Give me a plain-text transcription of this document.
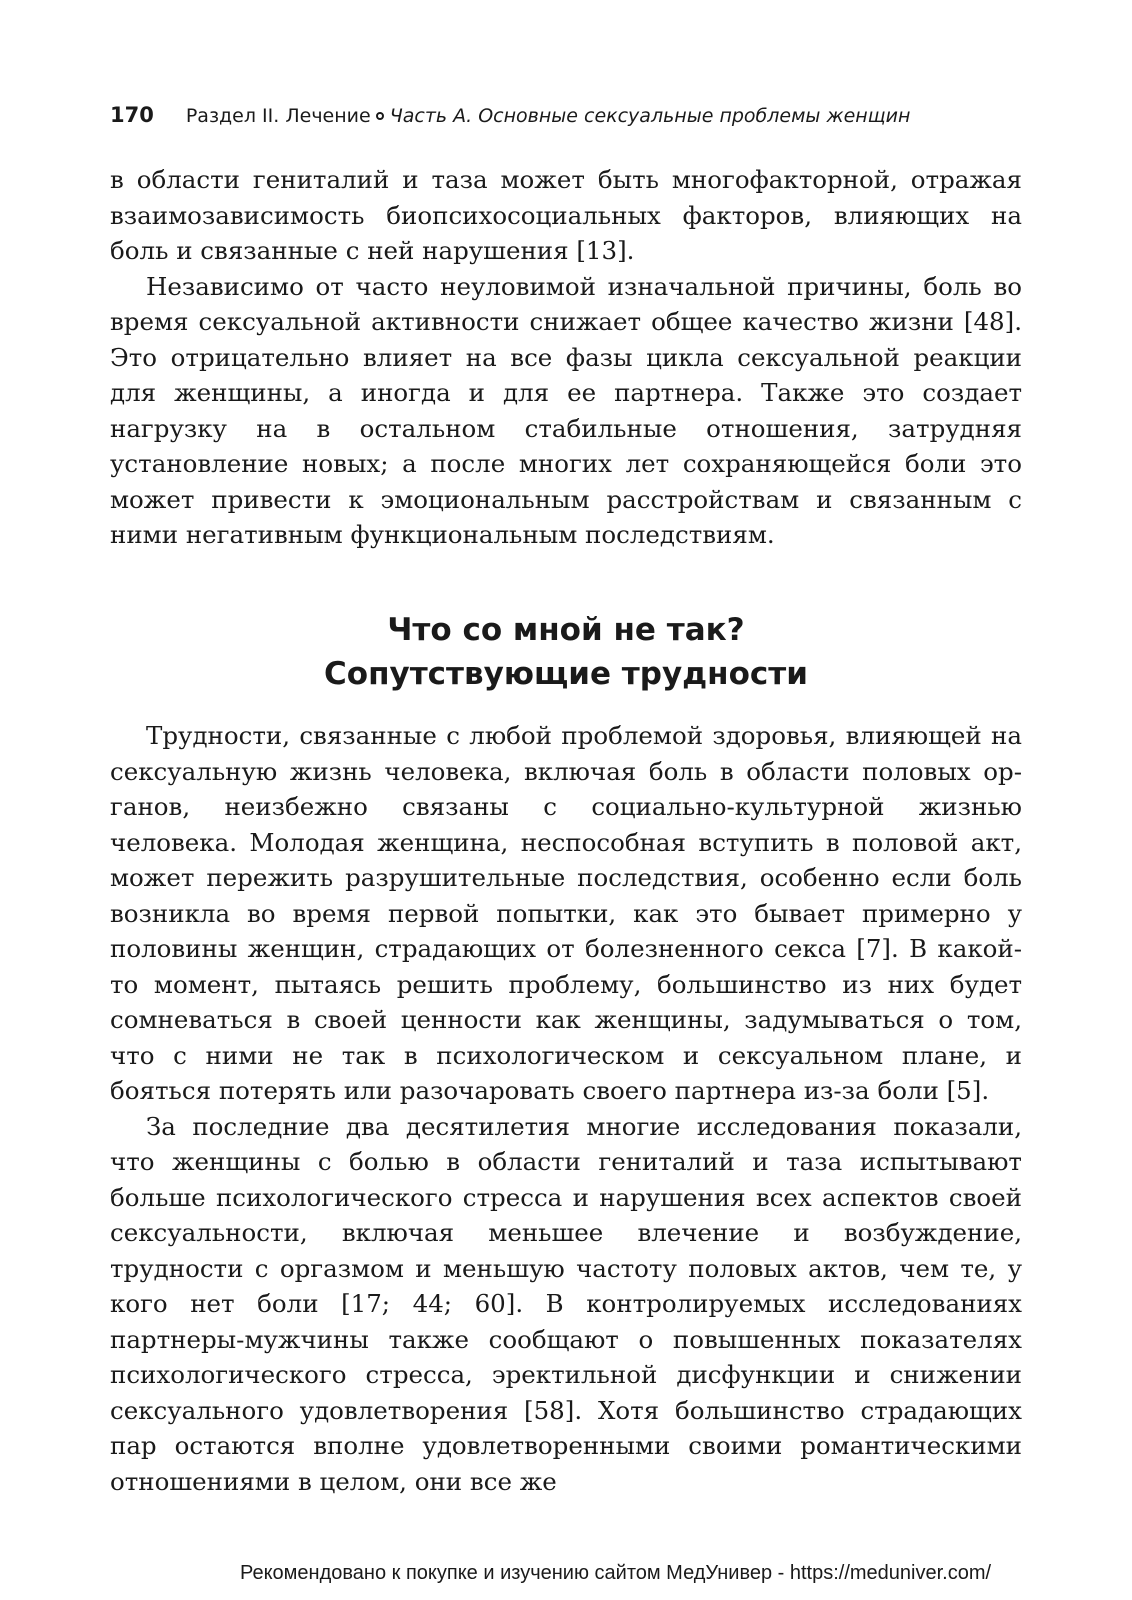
170 Раздел II. Лечение Часть А. Основные сексуальные проблемы женщин

в области гениталий и таза может быть многофакторной, отражая взаимозависимость биопсихосоциальных факторов, влияющих на боль и связанные с ней нарушения [13].

Независимо от часто неуловимой изначальной причины, боль во время сексуальной активности снижает общее качество жизни [48]. Это отрицательно влияет на все фазы цикла сексуальной реакции для женщины, а иногда и для ее партнера. Также это создает нагрузку на в остальном стабильные отношения, затрудняя установление новых; а после многих лет сохраняющейся боли это может привести к эмоциональным расстройствам и связанным с ними негативным функциональным последствиям.

Что со мной не так?
Сопутствующие трудности

Трудности, связанные с любой проблемой здоровья, влияющей на сексуальную жизнь человека, включая боль в области половых органов, неизбежно связаны с социально-культурной жизнью человека. Молодая женщина, неспособная вступить в половой акт, может пережить разрушительные последствия, особенно если боль возникла во время первой попытки, как это бывает примерно у половины женщин, страдающих от болезненного секса [7]. В какой-то момент, пытаясь решить проблему, большинство из них будет сомневаться в своей ценности как женщины, задумываться о том, что с ними не так в психологическом и сексуальном плане, и бояться потерять или разочаровать своего партнера из-за боли [5].

За последние два десятилетия многие исследования показали, что женщины с болью в области гениталий и таза испытывают больше психологического стресса и нарушения всех аспектов своей сексуальности, включая меньшее влечение и возбуждение, трудности с оргазмом и меньшую частоту половых актов, чем те, у кого нет боли [17; 44; 60]. В контролируемых исследованиях партнеры-мужчины также сообщают о повышенных показателях психологического стресса, эректильной дисфункции и снижении сексуального удовлетворения [58]. Хотя большинство страдающих пар остаются вполне удовлетворенными своими романтическими отношениями в целом, они все же

Рекомендовано к покупке и изучению сайтом МедУнивер - https://meduniver.com/
